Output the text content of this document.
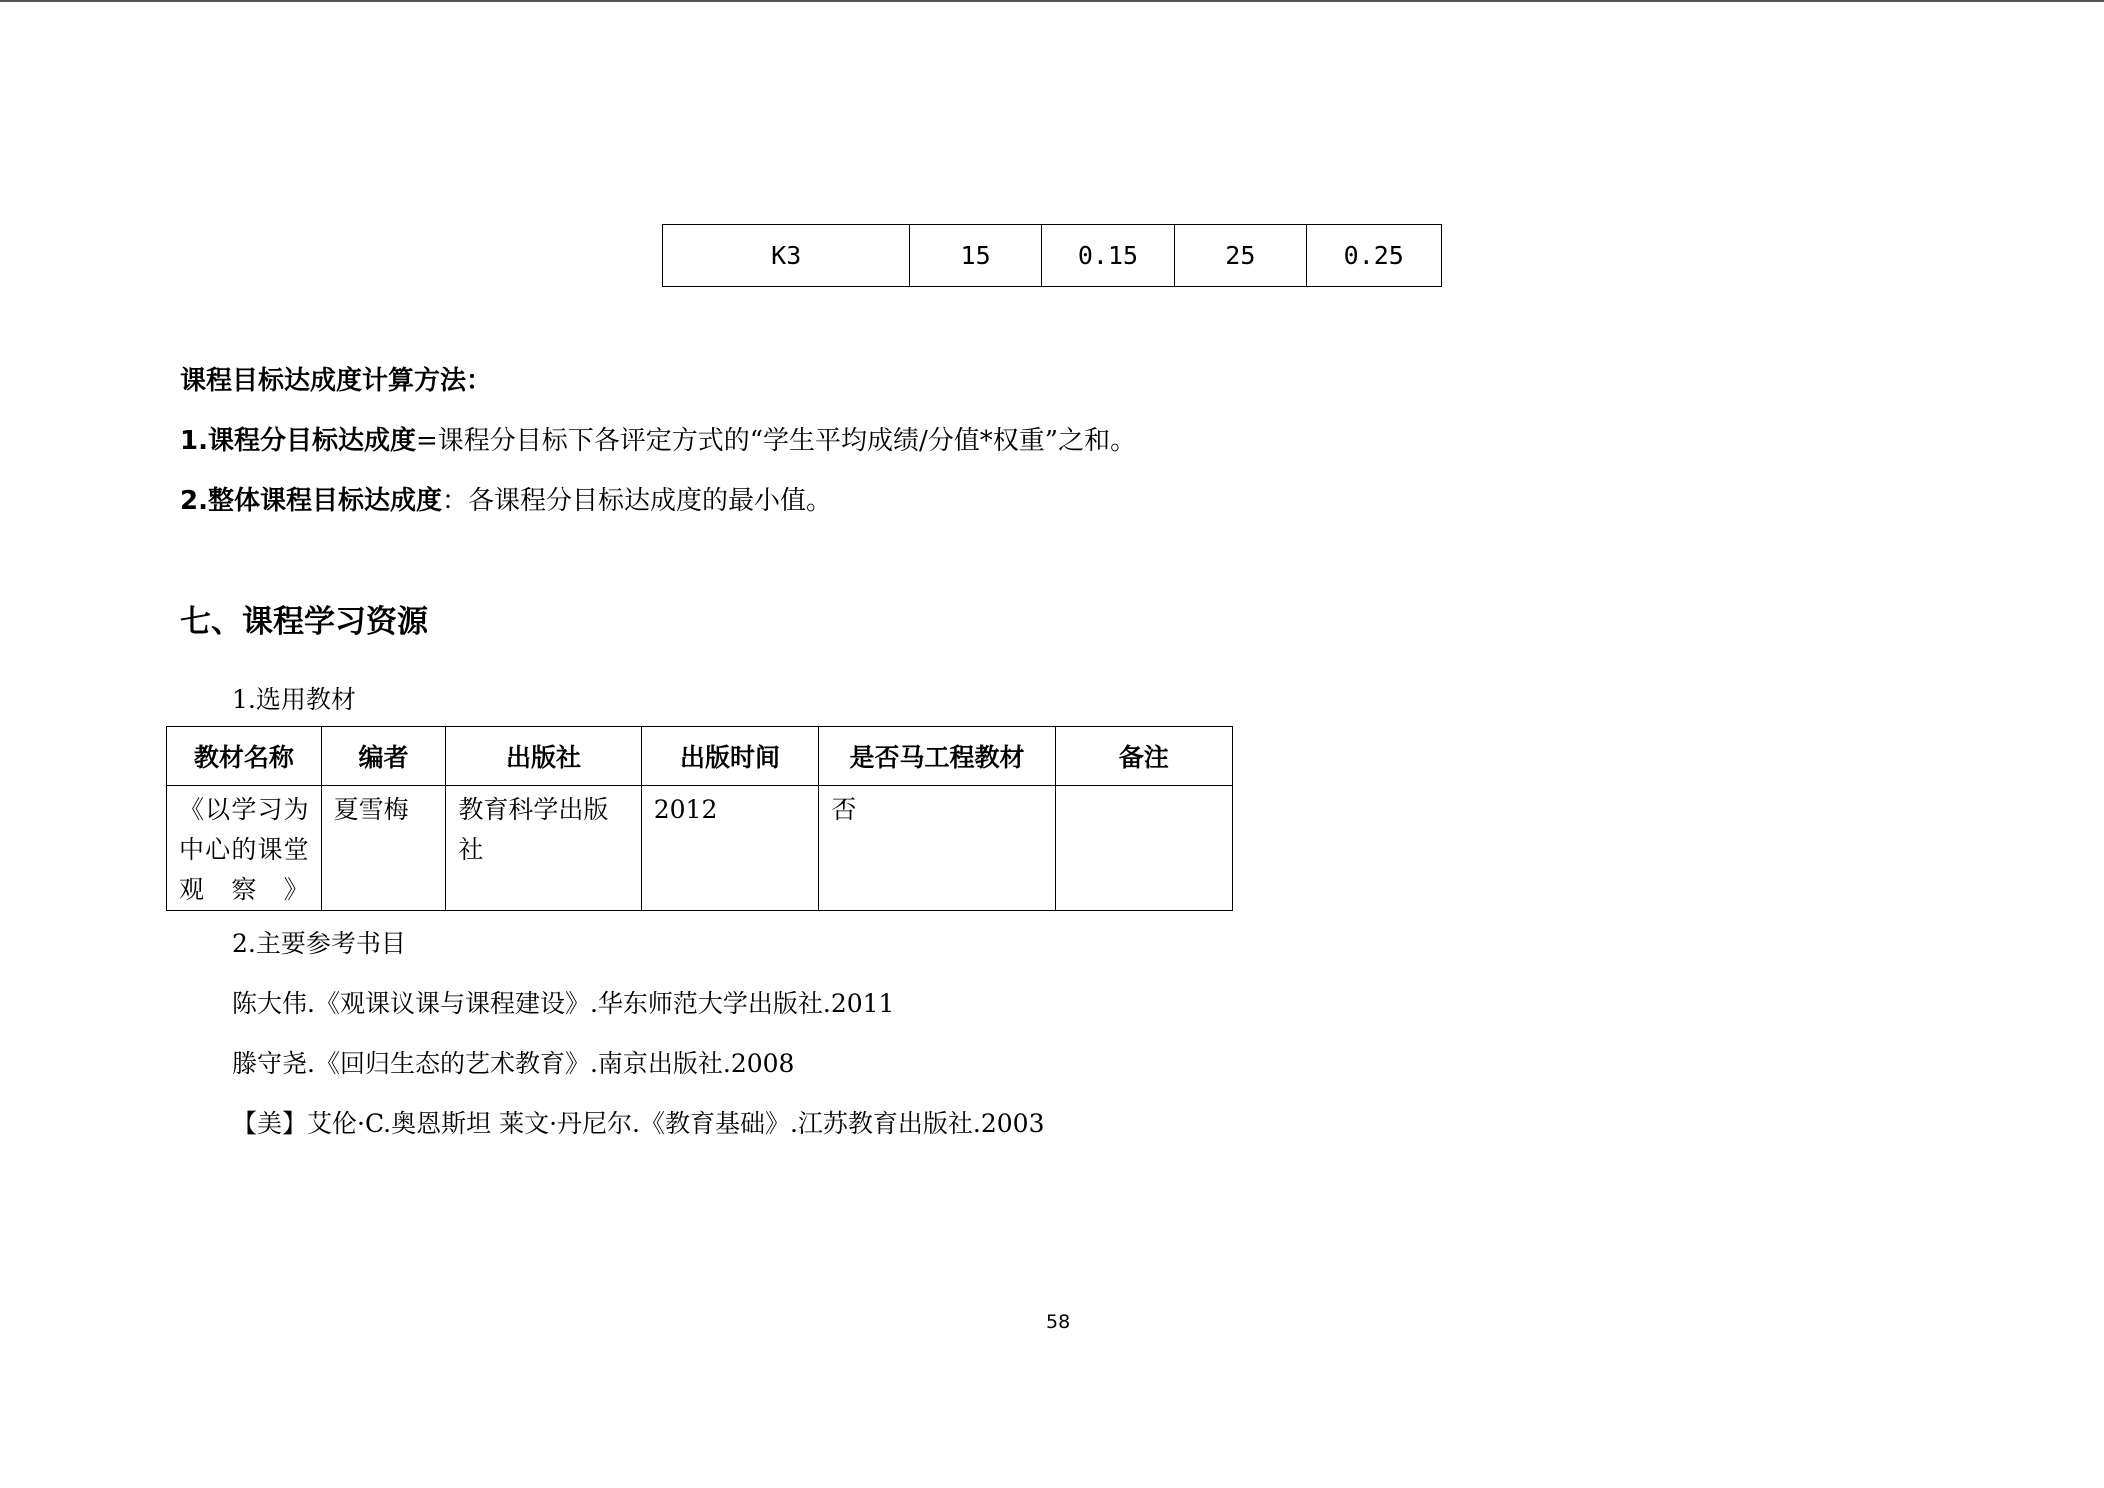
K3	15	0.15	25	0.25
课程目标达成度计算方法：
1.课程分目标达成度=课程分目标下各评定方式的“学生平均成绩/分值*权重”之和。
2.整体课程目标达成度：各课程分目标达成度的最小值。
七、课程学习资源
1.选用教材
教材名称	编者	出版社	出版时间	是否马工程教材	备注
《以学习为中心的课堂观察》	夏雪梅	教育科学出版社	2012	否	
2.主要参考书目
陈大伟.《观课议课与课程建设》.华东师范大学出版社.2011
滕守尧.《回归生态的艺术教育》.南京出版社.2008
【美】艾伦·C.奥恩斯坦 莱文·丹尼尔.《教育基础》.江苏教育出版社.2003
58
